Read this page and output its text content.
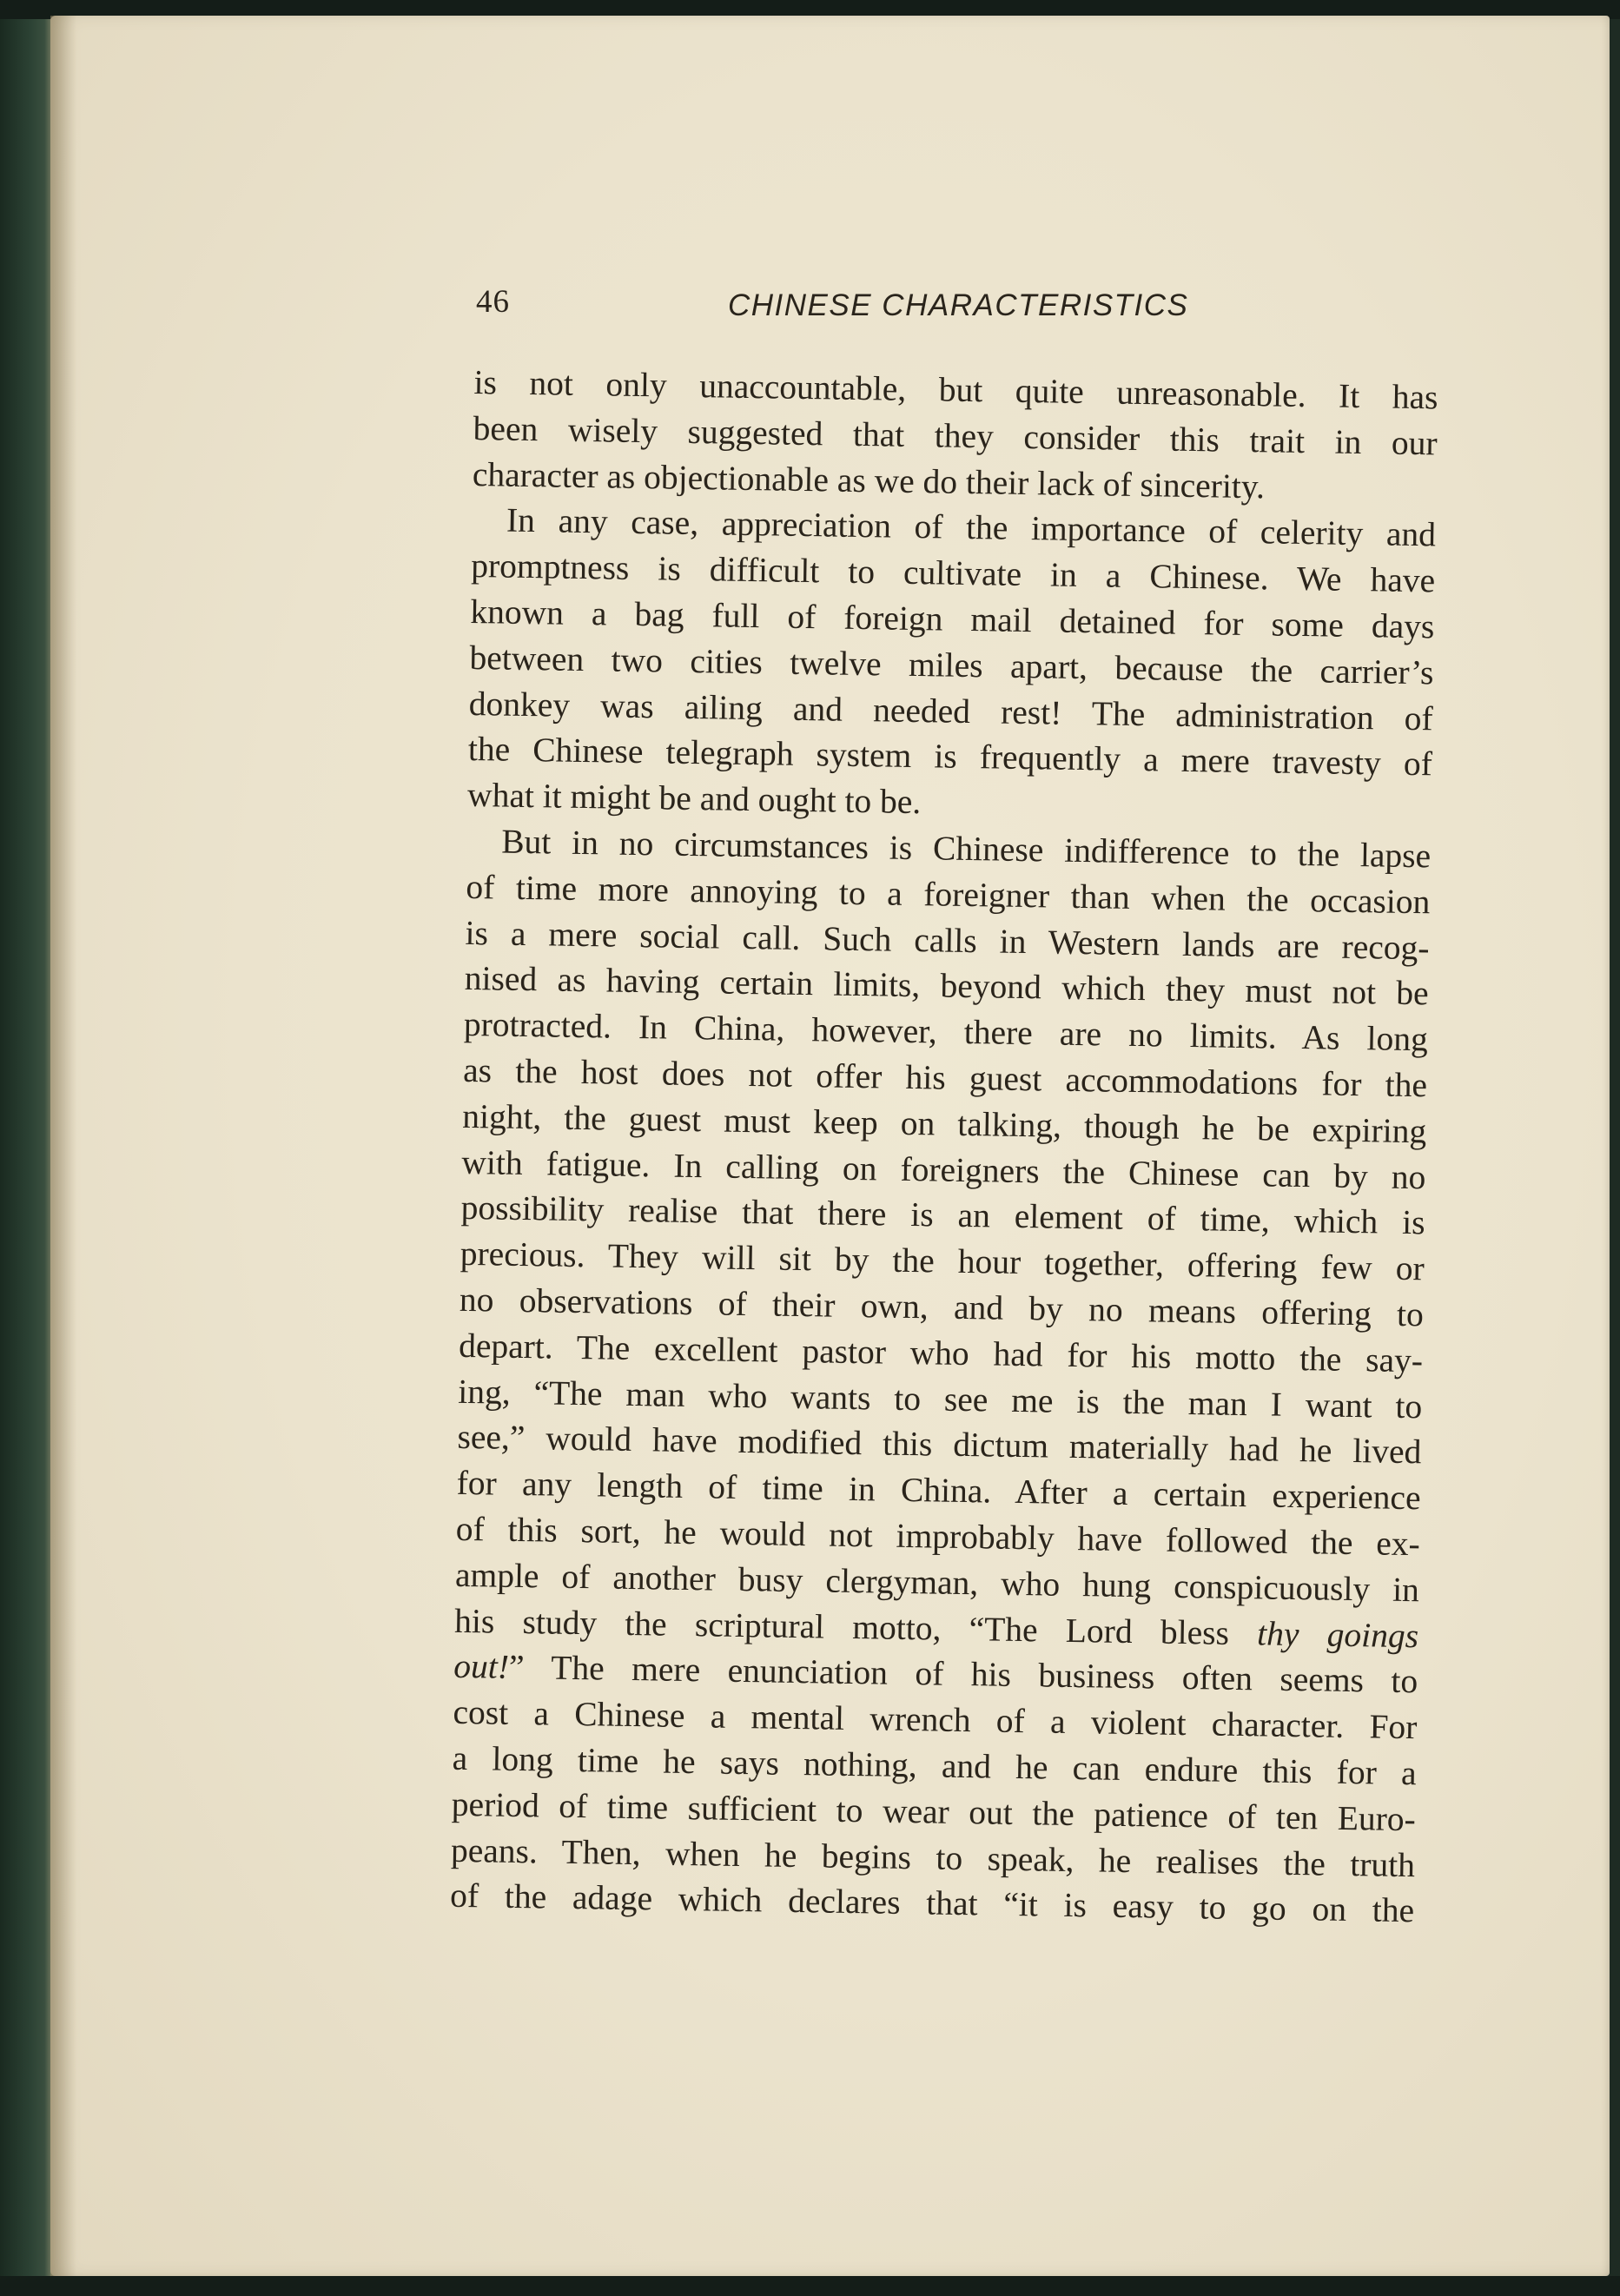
46	CHINESE CHARACTERISTICS
is not only unaccountable, but quite unreasonable. It has
been wisely suggested that they consider this trait in our
character as objectionable as we do their lack of sincerity.
In any case, appreciation of the importance of celerity and
promptness is difficult to cultivate in a Chinese. We have
known a bag full of foreign mail detained for some days
between two cities twelve miles apart, because the carrier’s
donkey was ailing and needed rest! The administration of
the Chinese telegraph system is frequently a mere travesty of
what it might be and ought to be.
But in no circumstances is Chinese indifference to the lapse
of time more annoying to a foreigner than when the occasion
is a mere social call. Such calls in Western lands are recog-
nised as having certain limits, beyond which they must not be
protracted. In China, however, there are no limits. As long
as the host does not offer his guest accommodations for the
night, the guest must keep on talking, though he be expiring
with fatigue. In calling on foreigners the Chinese can by no
possibility realise that there is an element of time, which is
precious. They will sit by the hour together, offering few or
no observations of their own, and by no means offering to
depart. The excellent pastor who had for his motto the say-
ing, “The man who wants to see me is the man I want to
see,” would have modified this dictum materially had he lived
for any length of time in China. After a certain experience
of this sort, he would not improbably have followed the ex-
ample of another busy clergyman, who hung conspicuously in
his study the scriptural motto, “The Lord bless thy goings
out!” The mere enunciation of his business often seems to
cost a Chinese a mental wrench of a violent character. For
a long time he says nothing, and he can endure this for a
period of time sufficient to wear out the patience of ten Euro-
peans. Then, when he begins to speak, he realises the truth
of the adage which declares that “it is easy to go on the
